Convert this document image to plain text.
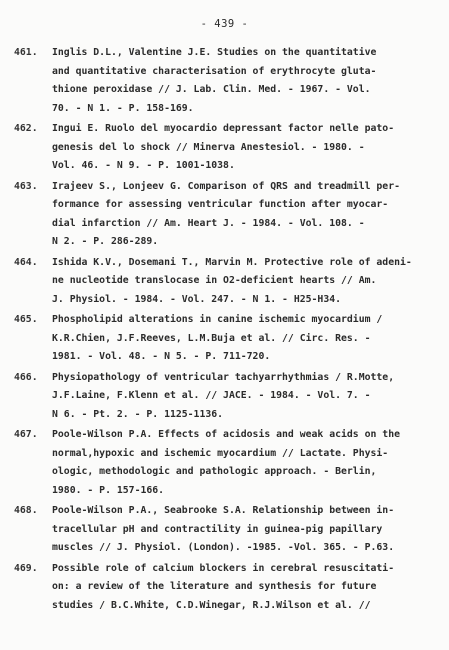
- 439 -
461.	Inglis D.L., Valentine J.E. Studies on the quantitative
and quantitative characterisation of erythrocyte gluta-
thione peroxidase // J. Lab. Clin. Med. - 1967. - Vol.
70. - N 1. - P. 158-169.
462.	Ingui E. Ruolo del myocardio depressant factor nelle pato-
genesis del lo shock // Minerva Anestesiol. - 1980. -
Vol. 46. - N 9. - P. 1001-1038.
463.	Irajeev S., Lonjeev G. Comparison of QRS and treadmill per-
formance for assessing ventricular function after myocar-
dial infarction // Am. Heart J. - 1984. - Vol. 108. -
N 2. - P. 286-289.
464.	Ishida K.V., Dosemani T., Marvin M. Protective role of adeni-
ne nucleotide translocase in O2-deficient hearts // Am.
J. Physiol. - 1984. - Vol. 247. - N 1. - H25-H34.
465.	Phospholipid alterations in canine ischemic myocardium /
K.R.Chien, J.F.Reeves, L.M.Buja et al. // Circ. Res. -
1981. - Vol. 48. - N 5. - P. 711-720.
466.	Physiopathology of ventricular tachyarrhythmias / R.Motte,
J.F.Laine, F.Klenn et al. // JACE. - 1984. - Vol. 7. -
N 6. - Pt. 2. - P. 1125-1136.
467.	Poole-Wilson P.A. Effects of acidosis and weak acids on the
normal,hypoxic and ischemic myocardium // Lactate. Physi-
ologic, methodologic and pathologic approach. - Berlin,
1980. - P. 157-166.
468.	Poole-Wilson P.A., Seabrooke S.A. Relationship between in-
tracellular pH and contractility in guinea-pig papillary
muscles // J. Physiol. (London). -1985. -Vol. 365. - P.63.
469.	Possible role of calcium blockers in cerebral resuscitati-
on: a review of the literature and synthesis for future
studies / B.C.White, C.D.Winegar, R.J.Wilson et al. //
